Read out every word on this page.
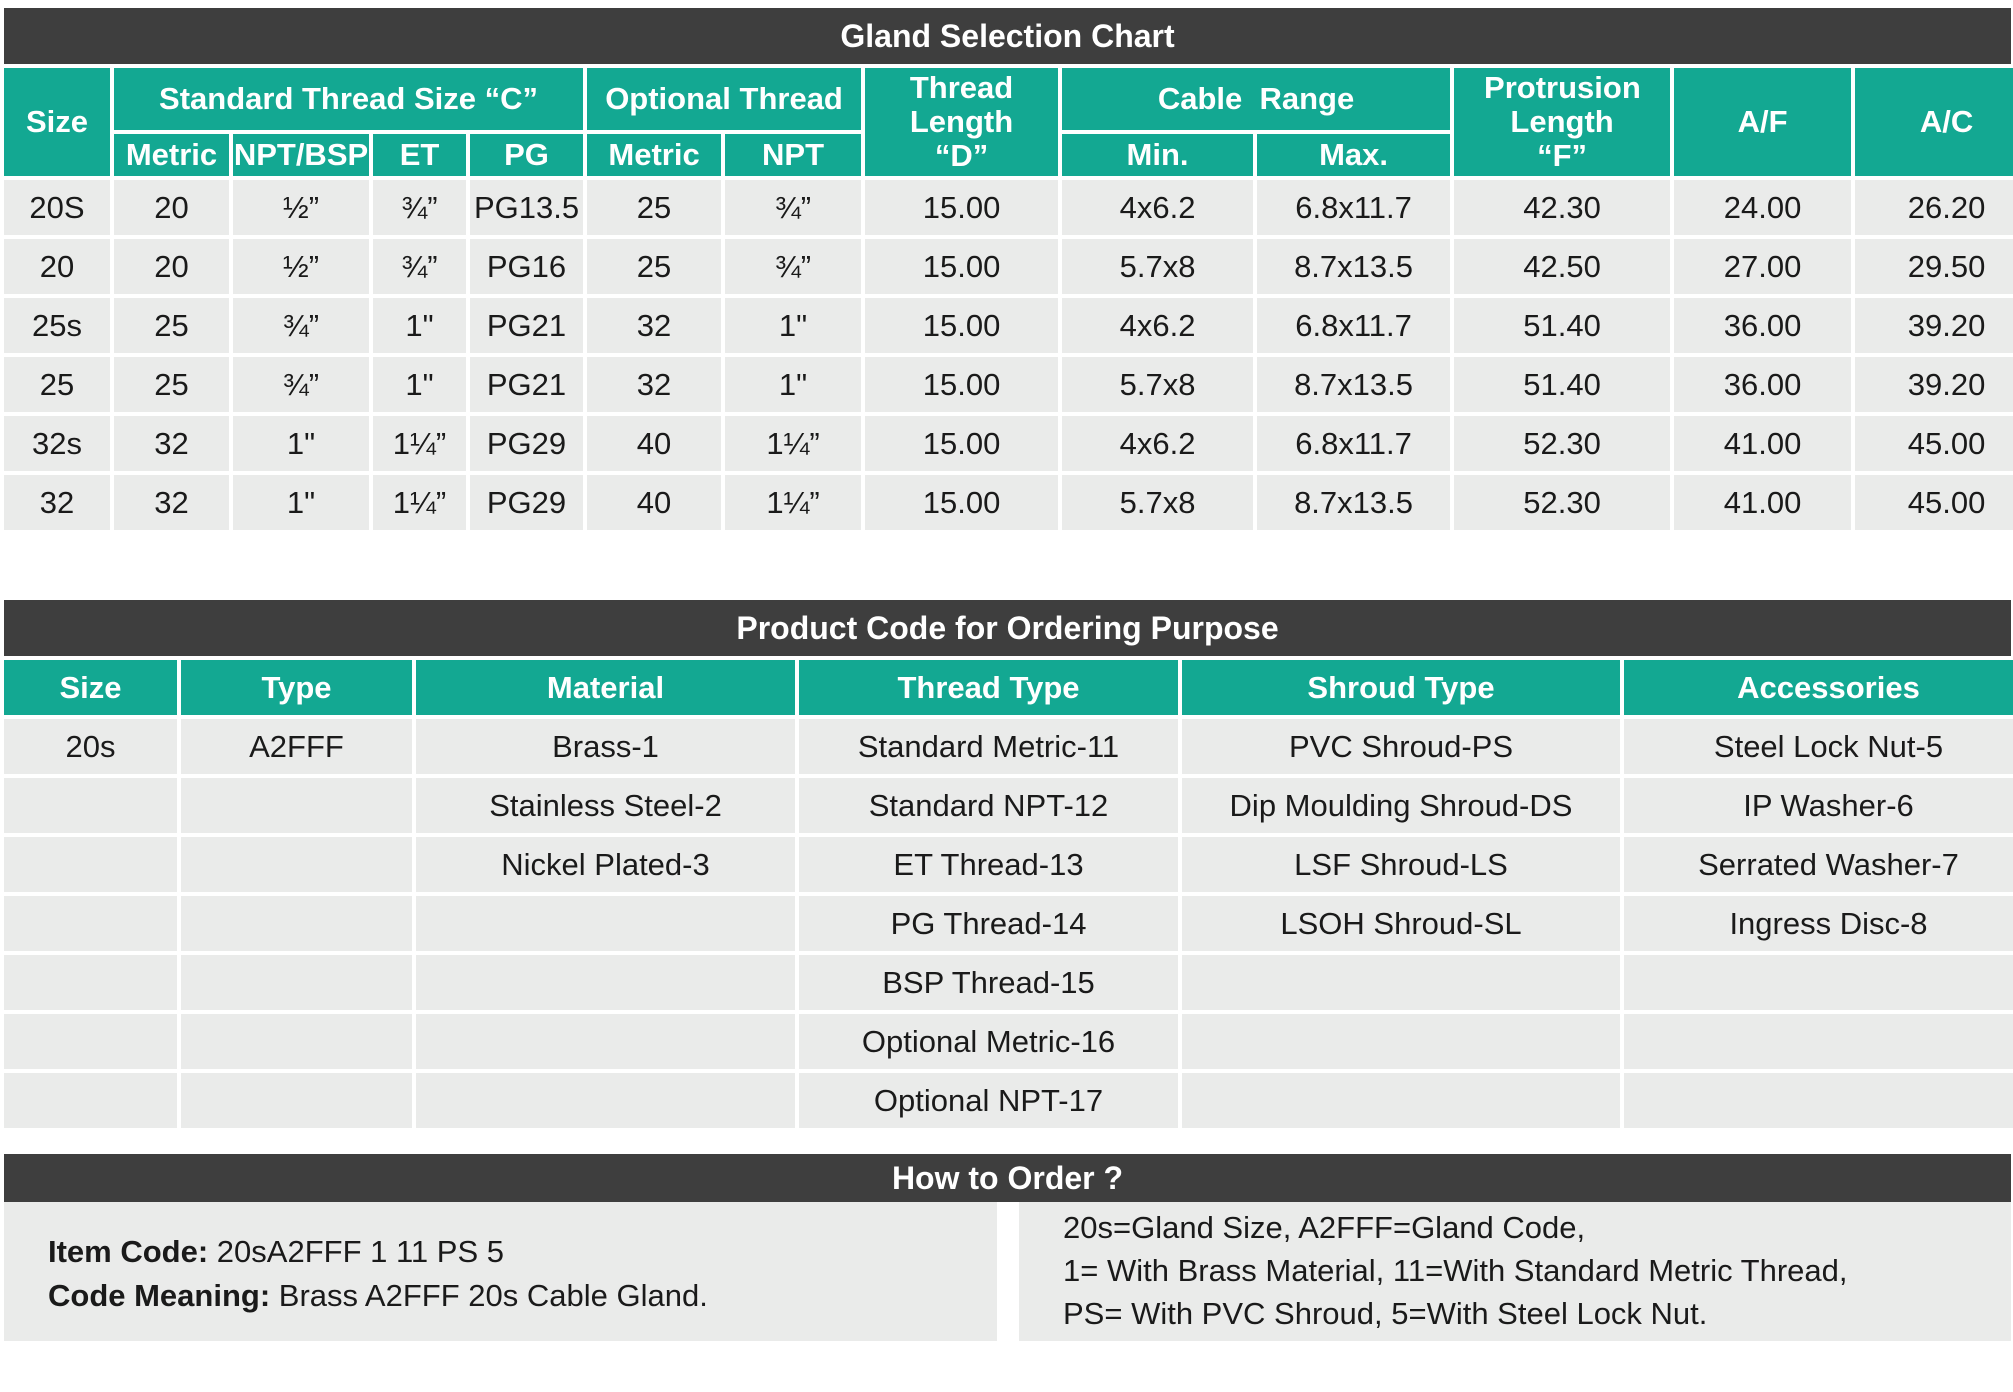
Gland Selection Chart
Size	Standard Thread Size “C”				Optional Thread		Thread Length “D”	Cable  Range		Protrusion Length “F”	A/F	A/C
	Metric	NPT/BSP	ET	PG	Metric	NPT		Min.	Max.			
20S	20	½”	¾”	PG13.5	25	¾”	15.00	4x6.2	6.8x11.7	42.30	24.00	26.20
20	20	½”	¾”	PG16	25	¾”	15.00	5.7x8	8.7x13.5	42.50	27.00	29.50
25s	25	¾”	1"	PG21	32	1"	15.00	4x6.2	6.8x11.7	51.40	36.00	39.20
25	25	¾”	1"	PG21	32	1"	15.00	5.7x8	8.7x13.5	51.40	36.00	39.20
32s	32	1"	1¼”	PG29	40	1¼”	15.00	4x6.2	6.8x11.7	52.30	41.00	45.00
32	32	1"	1¼”	PG29	40	1¼”	15.00	5.7x8	8.7x13.5	52.30	41.00	45.00
Product Code for Ordering Purpose
Size	Type	Material	Thread Type	Shroud Type	Accessories
20s	A2FFF	Brass-1	Standard Metric-11	PVC Shroud-PS	Steel Lock Nut-5
		Stainless Steel-2	Standard NPT-12	Dip Moulding Shroud-DS	IP Washer-6
		Nickel Plated-3	ET Thread-13	LSF Shroud-LS	Serrated Washer-7
			PG Thread-14	LSOH Shroud-SL	Ingress Disc-8
			BSP Thread-15		
			Optional Metric-16		
			Optional NPT-17		
How to Order ?
Item Code: 20sA2FFF 1 11 PS 5
Code Meaning: Brass A2FFF 20s Cable Gland.
20s=Gland Size, A2FFF=Gland Code,
1= With Brass Material, 11=With Standard Metric Thread,
PS= With PVC Shroud, 5=With Steel Lock Nut.
